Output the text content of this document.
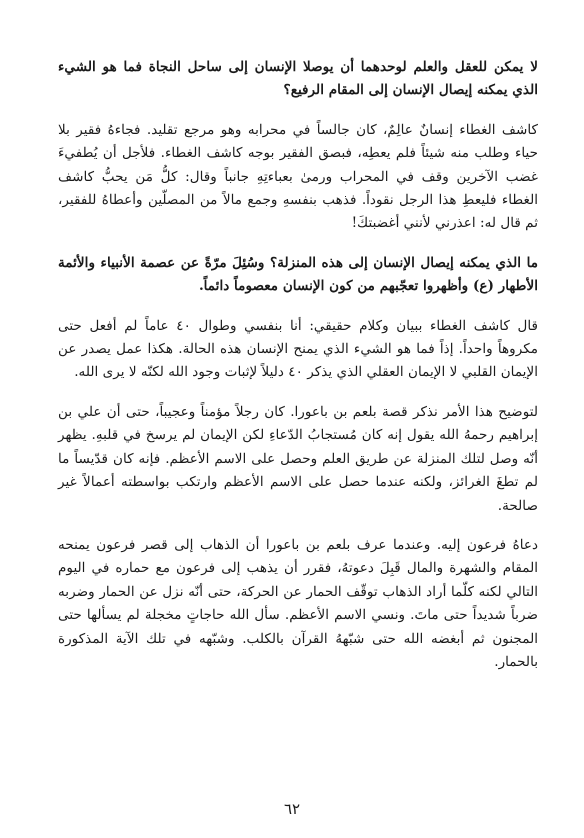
لا يمكن للعقل والعلم لوحدهما أن يوصلا الإنسان إلى ساحل النجاة فما هو الشيء الذي يمكنه إيصال الإنسان إلى المقام الرفيع؟

كاشف الغطاء إنسانٌ عالِمٌ، كان جالساً في محرابه وهو مرجع تقليد. فجاءهُ فقير بلا حياء وطلب منه شيئاً فلم يعطِه، فبصق الفقير بوجه كاشف الغطاء. فلأجل أن يُطفيءَ غضب الآخرين وقف في المحراب ورمىٰ بعباءتِهِ جانباً وقال: كلُّ مَن يحبُّ كاشف الغطاء فليعطِ هذا الرجل نقوداً. فذهب بنفسهِ وجمع مالاً من المصلّين وأعطاهُ للفقير، ثم قال له: اعذرني لأنني أغضبتكَ!

ما الذي يمكنه إيصال الإنسان إلى هذه المنزلة؟ وسُئِلَ مرّةً عن عصمة الأنبياء والأئمة الأطهار (ع) وأظهروا تعجّبهم من كون الإنسان معصوماً دائماً.

قال كاشف الغطاء ببيان وكلام حقيقي: أنا بنفسي وطوال ٤٠ عاماً لم أفعل حتى مكروهاً واحداً. إذاً فما هو الشيء الذي يمنح الإنسان هذه الحالة. هكذا عمل يصدر عن الإيمان القلبي لا الإيمان العقلي الذي يذكر ٤٠ دليلاً لإثبات وجود الله لكنّه لا يرى الله.

لتوضيح هذا الأمر نذكر قصة بلعم بن باعورا. كان رجلاً مؤمناً وعجيباً، حتى أن علي بن إبراهيم رحمهُ الله يقول إنه كان مُستجابُ الدّعاءِ لكن الإيمان لم يرسخ في قلبهِ. يظهر أنّه وصل لتلك المنزلة عن طريق العلم وحصل على الاسم الأعظم. فإنه كان قدّيساً ما لم تطغَ الغرائز، ولكنه عندما حصل على الاسم الأعظم وارتكب بواسطته أعمالاً غير صالحة.

دعاهُ فرعون إليه. وعندما عرف بلعم بن باعورا أن الذهاب إلى قصر فرعون يمنحه المقام والشهرة والمال قَبِلَ دعوتهُ، فقرر أن يذهب إلى فرعون مع حماره في اليوم التالي لكنه كلّما أراد الذهاب توقّف الحمار عن الحركة، حتى أنّه نزل عن الحمار وضربه ضرباً شديداً حتى ماتَ. ونسي الاسم الأعظم. سأل الله حاجاتٍ مخجلة لم يسألها حتى المجنون ثم أبغضه الله حتى شبّههُ القرآن بالكلب. وشبّهه في تلك الآية المذكورة بالحمار.

٦٢
